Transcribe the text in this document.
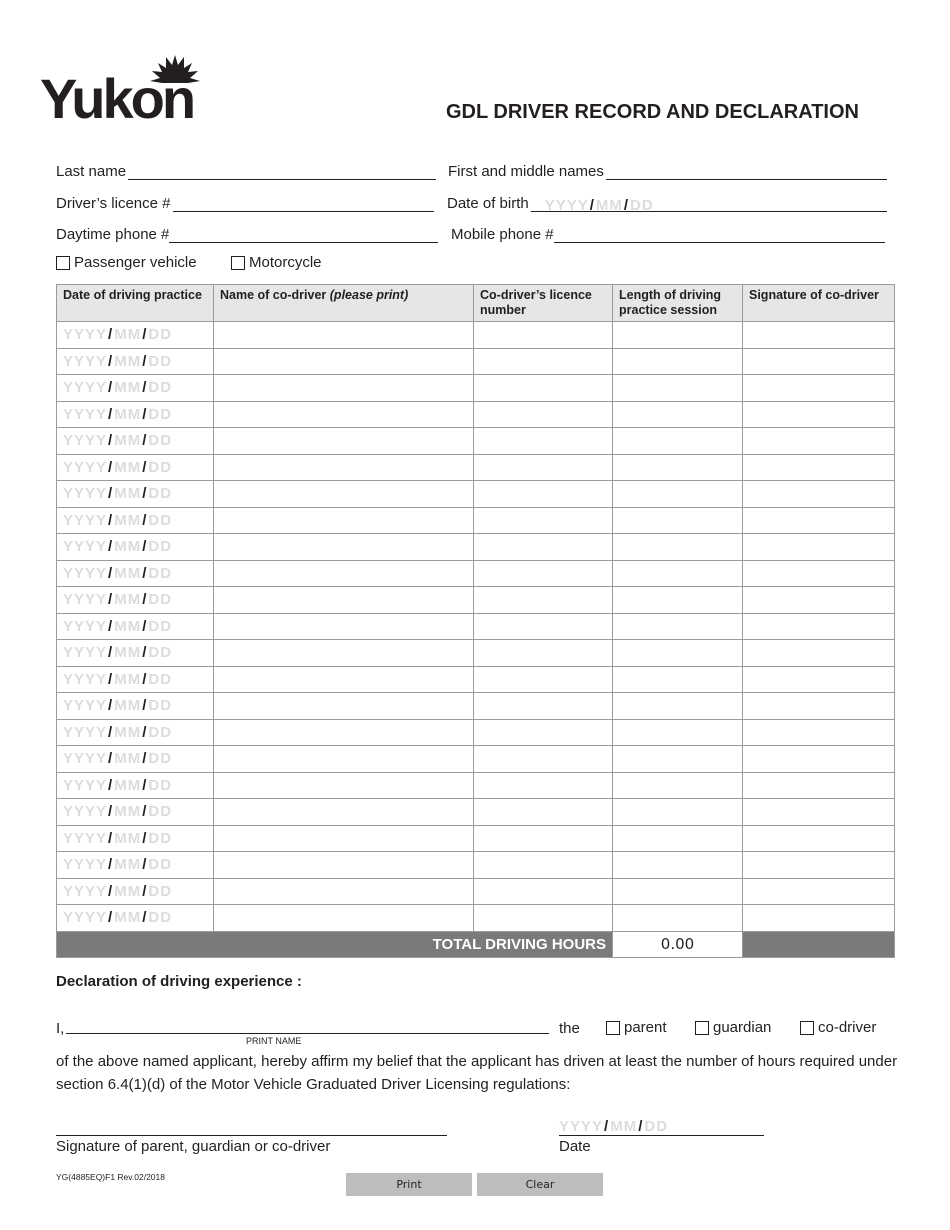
Yukon	GDL DRIVER RECORD AND DECLARATION
Last name	First and middle names
Driver’s licence #	Date of birth YYYY/MM/DD
Daytime phone #	Mobile phone #
Passenger vehicle	Motorcycle
Date of driving practice	Name of co-driver (please print)	Co-driver’s licence number	Length of driving practice session	Signature of co-driver
YYYY/MM/DD				
YYYY/MM/DD				
YYYY/MM/DD				
YYYY/MM/DD				
YYYY/MM/DD				
YYYY/MM/DD				
YYYY/MM/DD				
YYYY/MM/DD				
YYYY/MM/DD				
YYYY/MM/DD				
YYYY/MM/DD				
YYYY/MM/DD				
YYYY/MM/DD				
YYYY/MM/DD				
YYYY/MM/DD				
YYYY/MM/DD				
YYYY/MM/DD				
YYYY/MM/DD				
YYYY/MM/DD				
YYYY/MM/DD				
YYYY/MM/DD				
YYYY/MM/DD				
YYYY/MM/DD				
TOTAL DRIVING HOURS			0.00	
Declaration of driving experience :
I,
PRINT NAME
the	parent	guardian	co-driver
of the above named applicant, hereby affirm my belief that the applicant has driven at least the number of hours required under section 6.4(1)(d) of the Motor Vehicle Graduated Driver Licensing regulations:
Signature of parent, guardian or co-driver
YYYY/MM/DD
Date
YG(4885EQ)F1 Rev.02/2018
Print	Clear
